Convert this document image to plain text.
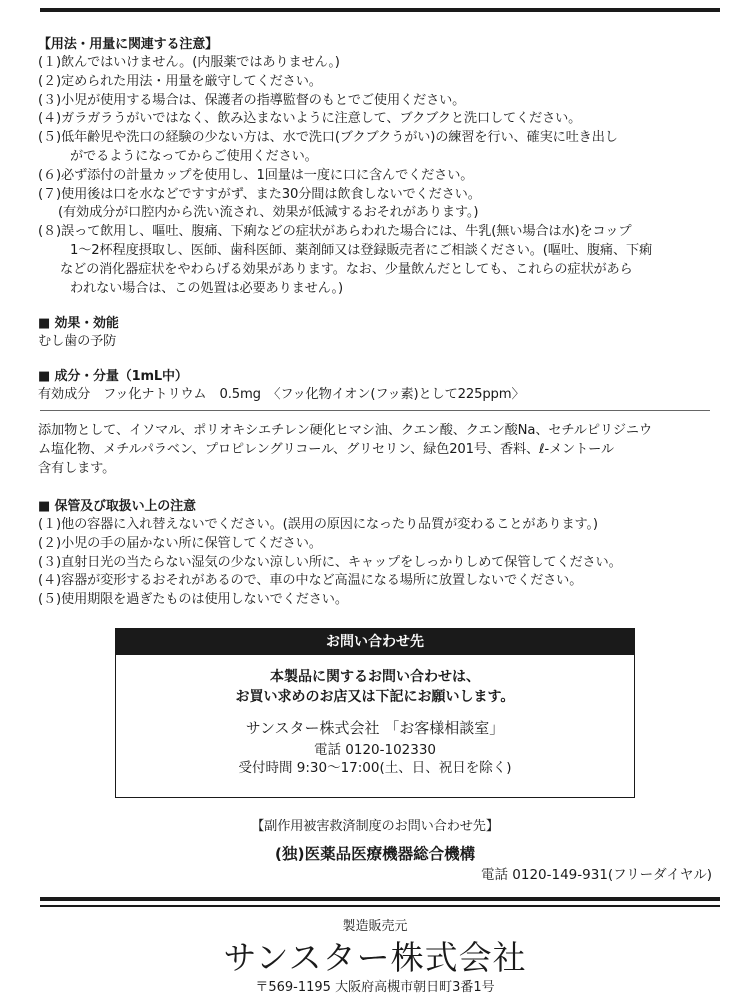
【用法・用量に関連する注意】
(１)飲んではいけません。(内服薬ではありません。)
(２)定められた用法・用量を厳守してください。
(３)小児が使用する場合は、保護者の指導監督のもとでご使用ください。
(４)ガラガラうがいではなく、飲み込まないように注意して、ブクブクと洗口してください。
(５)低年齢児や洗口の経験の少ない方は、水で洗口(ブクブクうがい)の練習を行い、確実に吐き出し
がでるようになってからご使用ください。
(６)必ず添付の計量カップを使用し、1回量は一度に口に含んでください。
(７)使用後は口を水などですすがず、また30分間は飲食しないでください。
(有効成分が口腔内から洗い流され、効果が低減するおそれがあります。)
(８)誤って飲用し、嘔吐、腹痛、下痢などの症状があらわれた場合には、牛乳(無い場合は水)をコップ
1～2杯程度摂取し、医師、歯科医師、薬剤師又は登録販売者にご相談ください。(嘔吐、腹痛、下痢
などの消化器症状をやわらげる効果があります。なお、少量飲んだとしても、これらの症状があら
われない場合は、この処置は必要ありません。)
■ 効果・効能
むし歯の予防
■ 成分・分量（1mL中）
有効成分　フッ化ナトリウム　0.5mg　〈フッ化物イオン(フッ素)として225ppm〉
添加物として、イソマル、ポリオキシエチレン硬化ヒマシ油、クエン酸、クエン酸Na、セチルピリジニウ
ム塩化物、メチルパラベン、プロピレングリコール、グリセリン、緑色201号、香料、ℓ-メントール
含有します。
■ 保管及び取扱い上の注意
(１)他の容器に入れ替えないでください。(誤用の原因になったり品質が変わることがあります。)
(２)小児の手の届かない所に保管してください。
(３)直射日光の当たらない湿気の少ない涼しい所に、キャップをしっかりしめて保管してください。
(４)容器が変形するおそれがあるので、車の中など高温になる場所に放置しないでください。
(５)使用期限を過ぎたものは使用しないでください。
お問い合わせ先
本製品に関するお問い合わせは、
お買い求めのお店又は下記にお願いします。
サンスター株式会社 「お客様相談室」
電話 0120-102330
受付時間 9:30～17:00(土、日、祝日を除く)
【副作用被害救済制度のお問い合わせ先】
(独)医薬品医療機器総合機構
電話 0120-149-931(フリーダイヤル)
製造販売元
サンスター株式会社
〒569-1195 大阪府高槻市朝日町3番1号
